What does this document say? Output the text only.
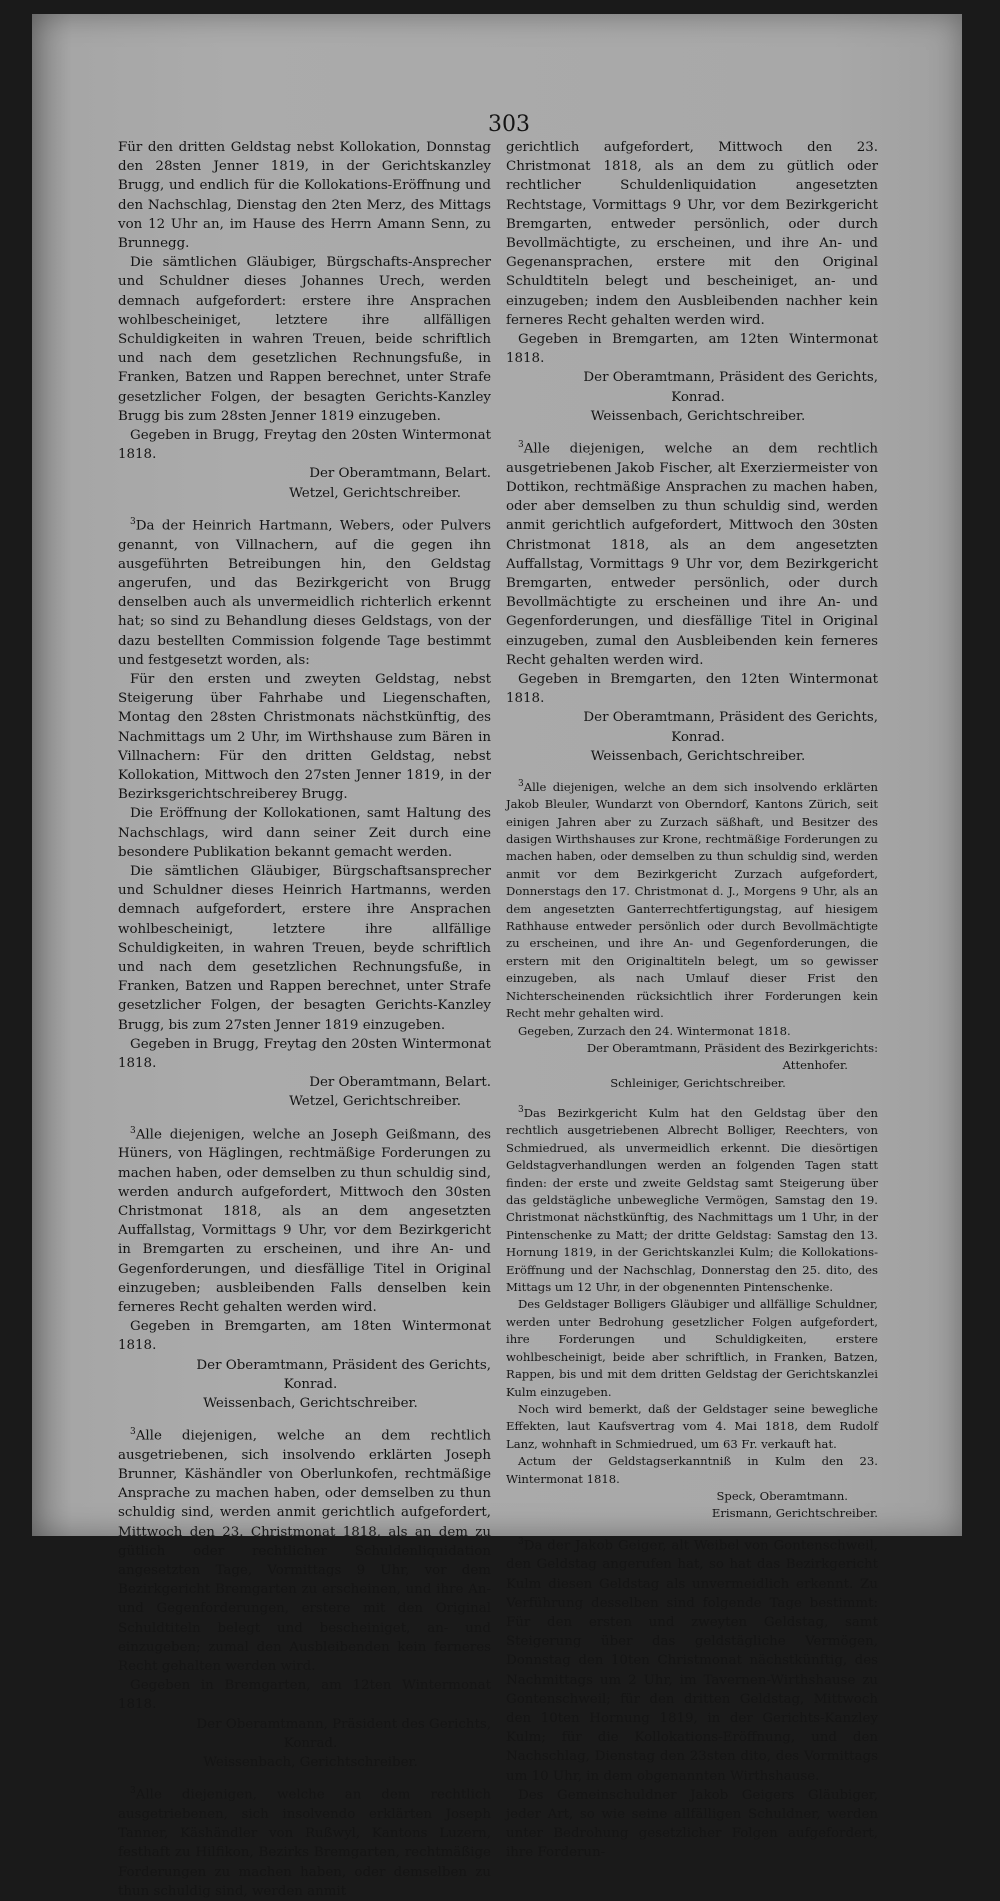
303

Für den dritten Geldstag nebst Kollokation, Donnstag den 28sten Jenner 1819, in der Gerichtskanzley Brugg, und endlich für die Kollokations-Eröffnung und den Nachschlag, Dienstag den 2ten Merz, des Mittags von 12 Uhr an, im Hause des Herrn Amann Senn, zu Brunnegg.

Die sämtlichen Gläubiger, Bürgschafts-Ansprecher und Schuldner dieses Johannes Urech, werden demnach aufgefordert: erstere ihre Ansprachen wohlbescheiniget, letztere ihre allfälligen Schuldigkeiten in wahren Treuen, beide schriftlich und nach dem gesetzlichen Rechnungsfuße, in Franken, Batzen und Rappen berechnet, unter Strafe gesetzlicher Folgen, der besagten Gerichts-Kanzley Brugg bis zum 28sten Jenner 1819 einzugeben.

Gegeben in Brugg, Freytag den 20sten Wintermonat 1818.

Der Oberamtmann, Belart.

Wetzel, Gerichtschreiber.

$^3$Da der Heinrich Hartmann, Webers, oder Pulvers genannt, von Villnachern, auf die gegen ihn ausgeführten Betreibungen hin, den Geldstag angerufen, und das Bezirkgericht von Brugg denselben auch als unvermeidlich richterlich erkennt hat; so sind zu Behandlung dieses Geldstags, von der dazu bestellten Commission folgende Tage bestimmt und festgesetzt worden, als:

Für den ersten und zweyten Geldstag, nebst Steigerung über Fahrhabe und Liegenschaften, Montag den 28sten Christmonats nächstkünftig, des Nachmittags um 2 Uhr, im Wirthshause zum Bären in Villnachern: Für den dritten Geldstag, nebst Kollokation, Mittwoch den 27sten Jenner 1819, in der Bezirksgerichtschreiberey Brugg.

Die Eröffnung der Kollokationen, samt Haltung des Nachschlags, wird dann seiner Zeit durch eine besondere Publikation bekannt gemacht werden.

Die sämtlichen Gläubiger, Bürgschaftsansprecher und Schuldner dieses Heinrich Hartmanns, werden demnach aufgefordert, erstere ihre Ansprachen wohlbescheinigt, letztere ihre allfällige Schuldigkeiten, in wahren Treuen, beyde schriftlich und nach dem gesetzlichen Rechnungsfuße, in Franken, Batzen und Rappen berechnet, unter Strafe gesetzlicher Folgen, der besagten Gerichts-Kanzley Brugg, bis zum 27sten Jenner 1819 einzugeben.

Gegeben in Brugg, Freytag den 20sten Wintermonat 1818.

Der Oberamtmann, Belart.

Wetzel, Gerichtschreiber.

$^3$Alle diejenigen, welche an Joseph Geißmann, des Hüners, von Häglingen, rechtmäßige Forderungen zu machen haben, oder demselben zu thun schuldig sind, werden andurch aufgefordert, Mittwoch den 30sten Christmonat 1818, als an dem angesetzten Auffallstag, Vormittags 9 Uhr, vor dem Bezirkgericht in Bremgarten zu erscheinen, und ihre An- und Gegenforderungen, und diesfällige Titel in Original einzugeben; ausbleibenden Falls denselben kein ferneres Recht gehalten werden wird.

Gegeben in Bremgarten, am 18ten Wintermonat 1818.

Der Oberamtmann, Präsident des Gerichts,

Konrad.

Weissenbach, Gerichtschreiber.

$^3$Alle diejenigen, welche an dem rechtlich ausgetriebenen, sich insolvendo erklärten Joseph Brunner, Käshändler von Oberlunkofen, rechtmäßige Ansprache zu machen haben, oder demselben zu thun schuldig sind, werden anmit gerichtlich aufgefordert, Mittwoch den 23. Christmonat 1818, als an dem zu gütlich oder rechtlicher Schuldenliquidation angesetzten Tage, Vormittags 9 Uhr, vor dem Bezirkgericht Bremgarten zu erscheinen, und ihre An- und Gegenforderungen, erstere mit den Original Schuldtiteln belegt und bescheiniget, an- und einzugeben; zumal den Ausbleibenden kein ferneres Recht gehalten werden wird.

Gegeben in Bremgarten, am 12ten Wintermonat 1818.

Der Oberamtmann, Präsident des Gerichts,

Konrad.

Weissenbach, Gerichtschreiber.

$^3$Alle diejenigen, welche an dem rechtlich ausgetriebenen, sich insolvendo erklärten Joseph Tanner, Käshändler von Rußwyl, Kantons Luzern, festhaft zu Hilfikon, Bezirks Bremgarten, rechtmäßige Forderungen zu machen haben, oder demselben zu thun schuldig sind, werden anmit

gerichtlich aufgefordert, Mittwoch den 23. Christmonat 1818, als an dem zu gütlich oder rechtlicher Schuldenliquidation angesetzten Rechtstage, Vormittags 9 Uhr, vor dem Bezirkgericht Bremgarten, entweder persönlich, oder durch Bevollmächtigte, zu erscheinen, und ihre An- und Gegenansprachen, erstere mit den Original Schuldtiteln belegt und bescheiniget, an- und einzugeben; indem den Ausbleibenden nachher kein ferneres Recht gehalten werden wird.

Gegeben in Bremgarten, am 12ten Wintermonat 1818.

Der Oberamtmann, Präsident des Gerichts,

Konrad.

Weissenbach, Gerichtschreiber.

$^3$Alle diejenigen, welche an dem rechtlich ausgetriebenen Jakob Fischer, alt Exerziermeister von Dottikon, rechtmäßige Ansprachen zu machen haben, oder aber demselben zu thun schuldig sind, werden anmit gerichtlich aufgefordert, Mittwoch den 30sten Christmonat 1818, als an dem angesetzten Auffallstag, Vormittags 9 Uhr vor, dem Bezirkgericht Bremgarten, entweder persönlich, oder durch Bevollmächtigte zu erscheinen und ihre An- und Gegenforderungen, und diesfällige Titel in Original einzugeben, zumal den Ausbleibenden kein ferneres Recht gehalten werden wird.

Gegeben in Bremgarten, den 12ten Wintermonat 1818.

Der Oberamtmann, Präsident des Gerichts,

Konrad.

Weissenbach, Gerichtschreiber.

$^3$Alle diejenigen, welche an dem sich insolvendo erklärten Jakob Bleuler, Wundarzt von Oberndorf, Kantons Zürich, seit einigen Jahren aber zu Zurzach säßhaft, und Besitzer des dasigen Wirthshauses zur Krone, rechtmäßige Forderungen zu machen haben, oder demselben zu thun schuldig sind, werden anmit vor dem Bezirkgericht Zurzach aufgefordert, Donnerstags den 17. Christmonat d. J., Morgens 9 Uhr, als an dem angesetzten Ganterrechtfertigungstag, auf hiesigem Rathhause entweder persönlich oder durch Bevollmächtigte zu erscheinen, und ihre An- und Gegenforderungen, die erstern mit den Originaltiteln belegt, um so gewisser einzugeben, als nach Umlauf dieser Frist den Nichterscheinenden rücksichtlich ihrer Forderungen kein Recht mehr gehalten wird.

Gegeben, Zurzach den 24. Wintermonat 1818.

Der Oberamtmann, Präsident des Bezirkgerichts:

Attenhofer.

Schleiniger, Gerichtschreiber.

$^3$Das Bezirkgericht Kulm hat den Geldstag über den rechtlich ausgetriebenen Albrecht Bolliger, Reechters, von Schmiedrued, als unvermeidlich erkennt. Die diesörtigen Geldstagverhandlungen werden an folgenden Tagen statt finden: der erste und zweite Geldstag samt Steigerung über das geldstägliche unbewegliche Vermögen, Samstag den 19. Christmonat nächstkünftig, des Nachmittags um 1 Uhr, in der Pintenschenke zu Matt; der dritte Geldstag: Samstag den 13. Hornung 1819, in der Gerichtskanzlei Kulm; die Kollokations-Eröffnung und der Nachschlag, Donnerstag den 25. dito, des Mittags um 12 Uhr, in der obgenennten Pintenschenke.

Des Geldstager Bolligers Gläubiger und allfällige Schuldner, werden unter Bedrohung gesetzlicher Folgen aufgefordert, ihre Forderungen und Schuldigkeiten, erstere wohlbescheinigt, beide aber schriftlich, in Franken, Batzen, Rappen, bis und mit dem dritten Geldstag der Gerichtskanzlei Kulm einzugeben.

Noch wird bemerkt, daß der Geldstager seine bewegliche Effekten, laut Kaufsvertrag vom 4. Mai 1818, dem Rudolf Lanz, wohnhaft in Schmiedrued, um 63 Fr. verkauft hat.

Actum der Geldstagserkanntniß in Kulm den 23. Wintermonat 1818.

Speck, Oberamtmann.

Erismann, Gerichtschreiber.

$^3$Da der Jakob Geiger, alt Weibel von Gontenschweil, den Geldstag angerufen hat, so hat das Bezirkgericht Kulm diesen Geldstag als unvermeidlich erkennt. Zu Verführung desselben sind folgende Tage bestimmt: Für den ersten und zweyten Geldstag, samt Steigerung über das geldstägliche Vermögen, Donnstag den 10ten Christmonat nächstkünftig, des Nachmittags um 2 Uhr, im Tavernen-Wirthshause zu Gontenschweil; für den dritten Geldstag, Mittwoch den 10ten Hornung 1819, in der Gerichts-Kanzley Kulm; für die Kollokations-Eröffnung, und den Nachschlag, Dienstag den 23sten dito, des Vormittags um 10 Uhr, in dem obgenannten Wirthshause.

Des Gemeinschuldner Jakob Geigers Gläubiger, jeder Art, so wie seine allfälligen Schuldner, werden unter Bedrohung gesetzlicher Folgen aufgefordert, ihre Forderun-
